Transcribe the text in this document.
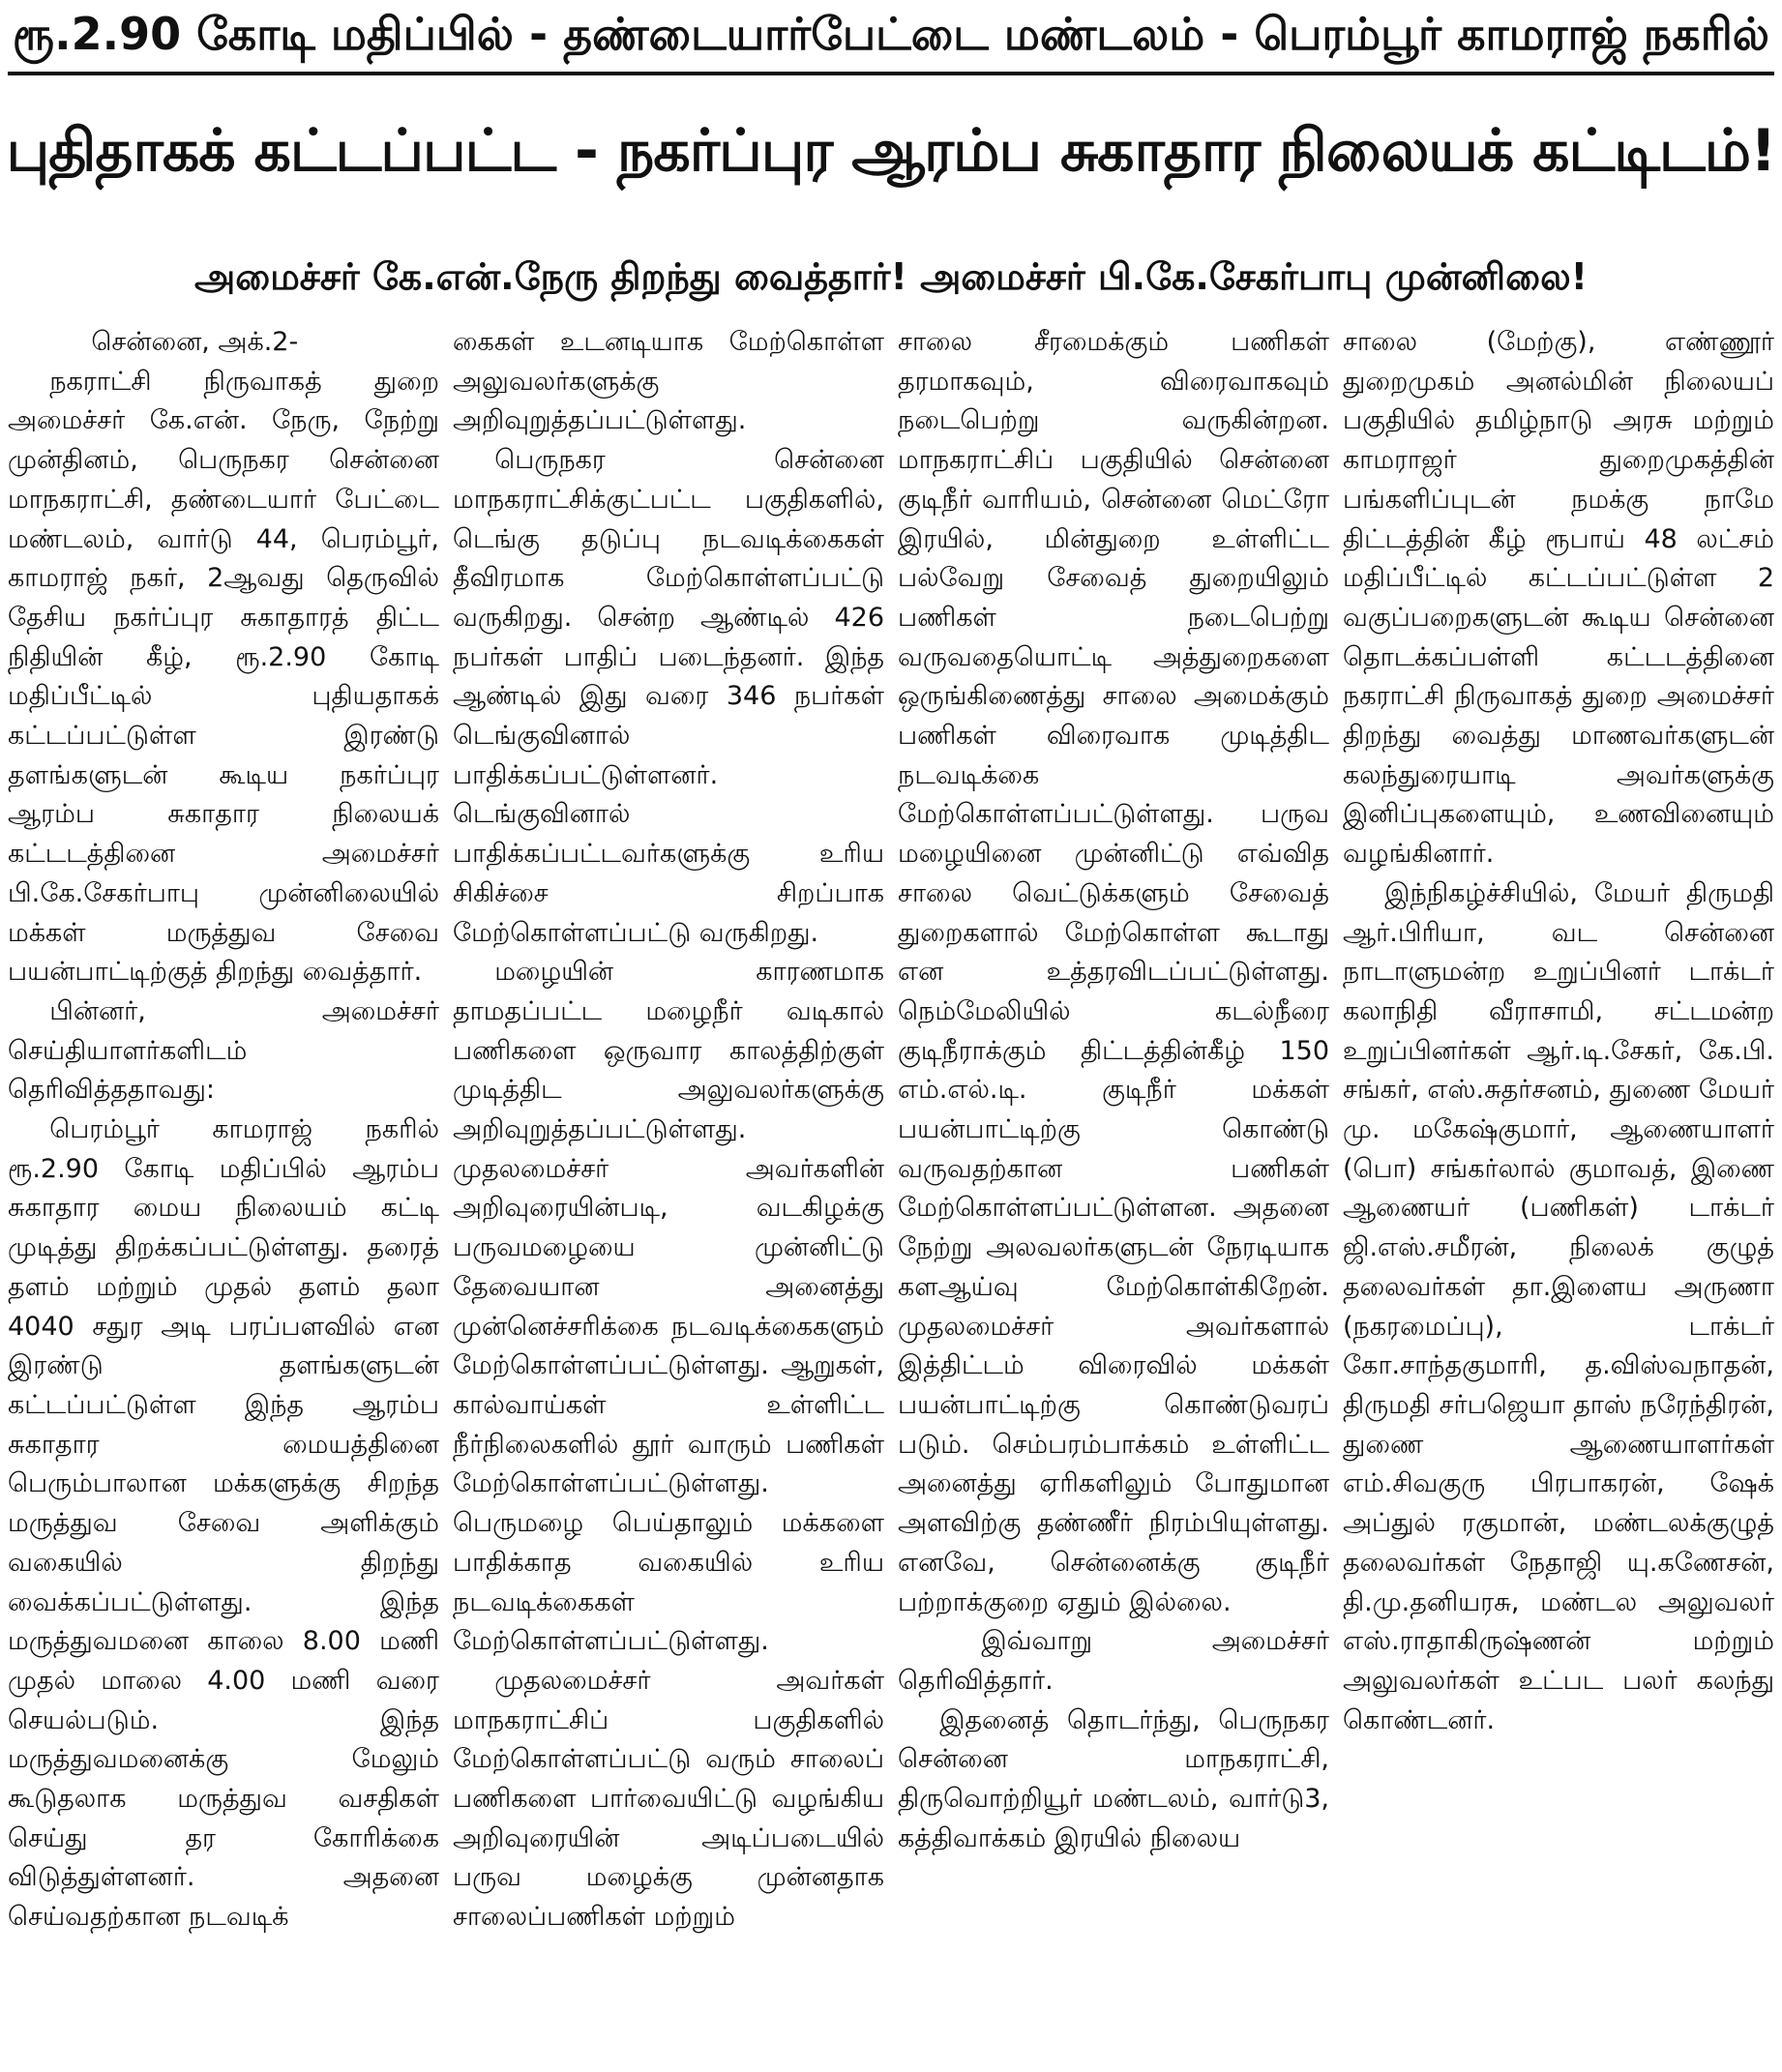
ரூ.2.90 கோடி மதிப்பில் - தண்டையார்பேட்டை மண்டலம் - பெரம்பூர் காமராஜ் நகரில்
புதிதாகக் கட்டப்பட்ட - நகர்ப்புர ஆரம்ப சுகாதார நிலையக் கட்டிடம்!
அமைச்சர் கே.என்.நேரு திறந்து வைத்தார்! அமைச்சர் பி.கே.சேகர்பாபு முன்னிலை!

சென்னை, அக்.2-

நகராட்சி நிருவாகத் துறை அமைச்சர் கே.என். நேரு, நேற்று முன்தினம், பெருநகர சென்னை மாநகராட்சி, தண்டையார் பேட்டை மண்டலம், வார்டு 44, பெரம்பூர், காமராஜ் நகர், 2ஆவது தெருவில் தேசிய நகர்ப்புர சுகாதாரத் திட்ட நிதியின் கீழ், ரூ.2.90 கோடி மதிப்பீட்டில் புதியதாகக் கட்டப்பட்டுள்ள இரண்டு தளங்களுடன் கூடிய நகர்ப்புர ஆரம்ப சுகாதார நிலையக் கட்டடத்தினை அமைச்சர் பி.கே.சேகர்பாபு முன்னிலையில் மக்கள் மருத்துவ சேவை பயன்பாட்டிற்குத் திறந்து வைத்தார்.

பின்னர், அமைச்சர் செய்தியாளர்களிடம் தெரிவித்ததாவது:

பெரம்பூர் காமராஜ் நகரில் ரூ.2.90 கோடி மதிப்பில் ஆரம்ப சுகாதார மைய நிலையம் கட்டி முடித்து திறக்கப்பட்டுள்ளது. தரைத் தளம் மற்றும் முதல் தளம் தலா 4040 சதுர அடி பரப்பளவில் என இரண்டு தளங்களுடன் கட்டப்பட்டுள்ள இந்த ஆரம்ப சுகாதார மையத்தினை பெரும்பாலான மக்களுக்கு சிறந்த மருத்துவ சேவை அளிக்கும் வகையில் திறந்து வைக்கப்பட்டுள்ளது. இந்த மருத்துவமனை காலை 8.00 மணி முதல் மாலை 4.00 மணி வரை செயல்படும். இந்த மருத்துவமனைக்கு மேலும் கூடுதலாக மருத்துவ வசதிகள் செய்து தர கோரிக்கை விடுத்துள்ளனர். அதனை செய்வதற்கான நடவடிக்

கைகள் உடனடியாக மேற்கொள்ள அலுவலர்களுக்கு அறிவுறுத்தப்பட்டுள்ளது.

பெருநகர சென்னை மாநகராட்சிக்குட்பட்ட பகுதிகளில், டெங்கு தடுப்பு நடவடிக்கைகள் தீவிரமாக மேற்கொள்ளப்பட்டு வருகிறது. சென்ற ஆண்டில் 426 நபர்கள் பாதிப் படைந்தனர். இந்த ஆண்டில் இது வரை 346 நபர்கள் டெங்குவினால் பாதிக்கப்பட்டுள்ளனர். டெங்குவினால் பாதிக்கப்பட்டவர்களுக்கு உரிய சிகிச்சை சிறப்பாக மேற்கொள்ளப்பட்டு வருகிறது.

மழையின் காரணமாக தாமதப்பட்ட மழைநீர் வடிகால் பணிகளை ஒருவார காலத்திற்குள் முடித்திட அலுவலர்களுக்கு அறிவுறுத்தப்பட்டுள்ளது. முதலமைச்சர் அவர்களின் அறிவுரையின்படி, வடகிழக்கு பருவமழையை முன்னிட்டு தேவையான அனைத்து முன்னெச்சரிக்கை நடவடிக்கைகளும் மேற்கொள்ளப்பட்டுள்ளது. ஆறுகள், கால்வாய்கள் உள்ளிட்ட நீர்நிலைகளில் தூர் வாரும் பணிகள் மேற்கொள்ளப்பட்டுள்ளது. பெருமழை பெய்தாலும் மக்களை பாதிக்காத வகையில் உரிய நடவடிக்கைகள் மேற்கொள்ளப்பட்டுள்ளது.

முதலமைச்சர் அவர்கள் மாநகராட்சிப் பகுதிகளில் மேற்கொள்ளப்பட்டு வரும் சாலைப் பணிகளை பார்வையிட்டு வழங்கிய அறிவுரையின் அடிப்படையில் பருவ மழைக்கு முன்னதாக சாலைப்பணிகள் மற்றும்

சாலை சீரமைக்கும் பணிகள் தரமாகவும், விரைவாகவும் நடைபெற்று வருகின்றன. மாநகராட்சிப் பகுதியில் சென்னை குடிநீர் வாரியம், சென்னை மெட்ரோ இரயில், மின்துறை உள்ளிட்ட பல்வேறு சேவைத் துறையிலும் பணிகள் நடைபெற்று வருவதையொட்டி அத்துறைகளை ஒருங்கிணைத்து சாலை அமைக்கும் பணிகள் விரைவாக முடித்திட நடவடிக்கை மேற்கொள்ளப்பட்டுள்ளது. பருவ மழையினை முன்னிட்டு எவ்வித சாலை வெட்டுக்களும் சேவைத் துறைகளால் மேற்கொள்ள கூடாது என உத்தரவிடப்பட்டுள்ளது. நெம்மேலியில் கடல்நீரை குடிநீராக்கும் திட்டத்தின்கீழ் 150 எம்.எல்.டி. குடிநீர் மக்கள் பயன்பாட்டிற்கு கொண்டு வருவதற்கான பணிகள் மேற்கொள்ளப்பட்டுள்ளன. அதனை நேற்று அலவலர்களுடன் நேரடியாக களஆய்வு மேற்கொள்கிறேன். முதலமைச்சர் அவர்களால் இத்திட்டம் விரைவில் மக்கள் பயன்பாட்டிற்கு கொண்டுவரப் படும். செம்பரம்பாக்கம் உள்ளிட்ட அனைத்து ஏரிகளிலும் போதுமான அளவிற்கு தண்ணீர் நிரம்பியுள்ளது. எனவே, சென்னைக்கு குடிநீர் பற்றாக்குறை ஏதும் இல்லை.

இவ்வாறு அமைச்சர் தெரிவித்தார்.

இதனைத் தொடர்ந்து, பெருநகர சென்னை மாநகராட்சி, திருவொற்றியூர் மண்டலம், வார்டு3, கத்திவாக்கம் இரயில் நிலைய

சாலை (மேற்கு), எண்ணூர் துறைமுகம் அனல்மின் நிலையப் பகுதியில் தமிழ்நாடு அரசு மற்றும் காமராஜர் துறைமுகத்தின் பங்களிப்புடன் நமக்கு நாமே திட்டத்தின் கீழ் ரூபாய் 48 லட்சம் மதிப்பீட்டில் கட்டப்பட்டுள்ள 2 வகுப்பறைகளுடன் கூடிய சென்னை தொடக்கப்பள்ளி கட்டடத்தினை நகராட்சி நிருவாகத் துறை அமைச்சர் திறந்து வைத்து மாணவர்களுடன் கலந்துரையாடி அவர்களுக்கு இனிப்புகளையும், உணவினையும் வழங்கினார்.

இந்நிகழ்ச்சியில், மேயர் திருமதி ஆர்.பிரியா, வட சென்னை நாடாளுமன்ற உறுப்பினர் டாக்டர் கலாநிதி வீராசாமி, சட்டமன்ற உறுப்பினர்கள் ஆர்.டி.சேகர், கே.பி. சங்கர், எஸ்.சுதர்சனம், துணை மேயர் மு. மகேஷ்குமார், ஆணையாளர் (பொ) சங்கர்லால் குமாவத், இணை ஆணையர் (பணிகள்) டாக்டர் ஜி.எஸ்.சமீரன், நிலைக் குழுத் தலைவர்கள் தா.இளைய அருணா (நகரமைப்பு), டாக்டர் கோ.சாந்தகுமாரி, த.விஸ்வநாதன், திருமதி சர்பஜெயா தாஸ் நரேந்திரன், துணை ஆணையாளர்கள் எம்.சிவகுரு பிரபாகரன், ஷேக் அப்துல் ரகுமான், மண்டலக்குழுத் தலைவர்கள் நேதாஜி யு.கணேசன், தி.மு.தனியரசு, மண்டல அலுவலர் எஸ்.ராதாகிருஷ்ணன் மற்றும் அலுவலர்கள் உட்பட பலர் கலந்து கொண்டனர்.
